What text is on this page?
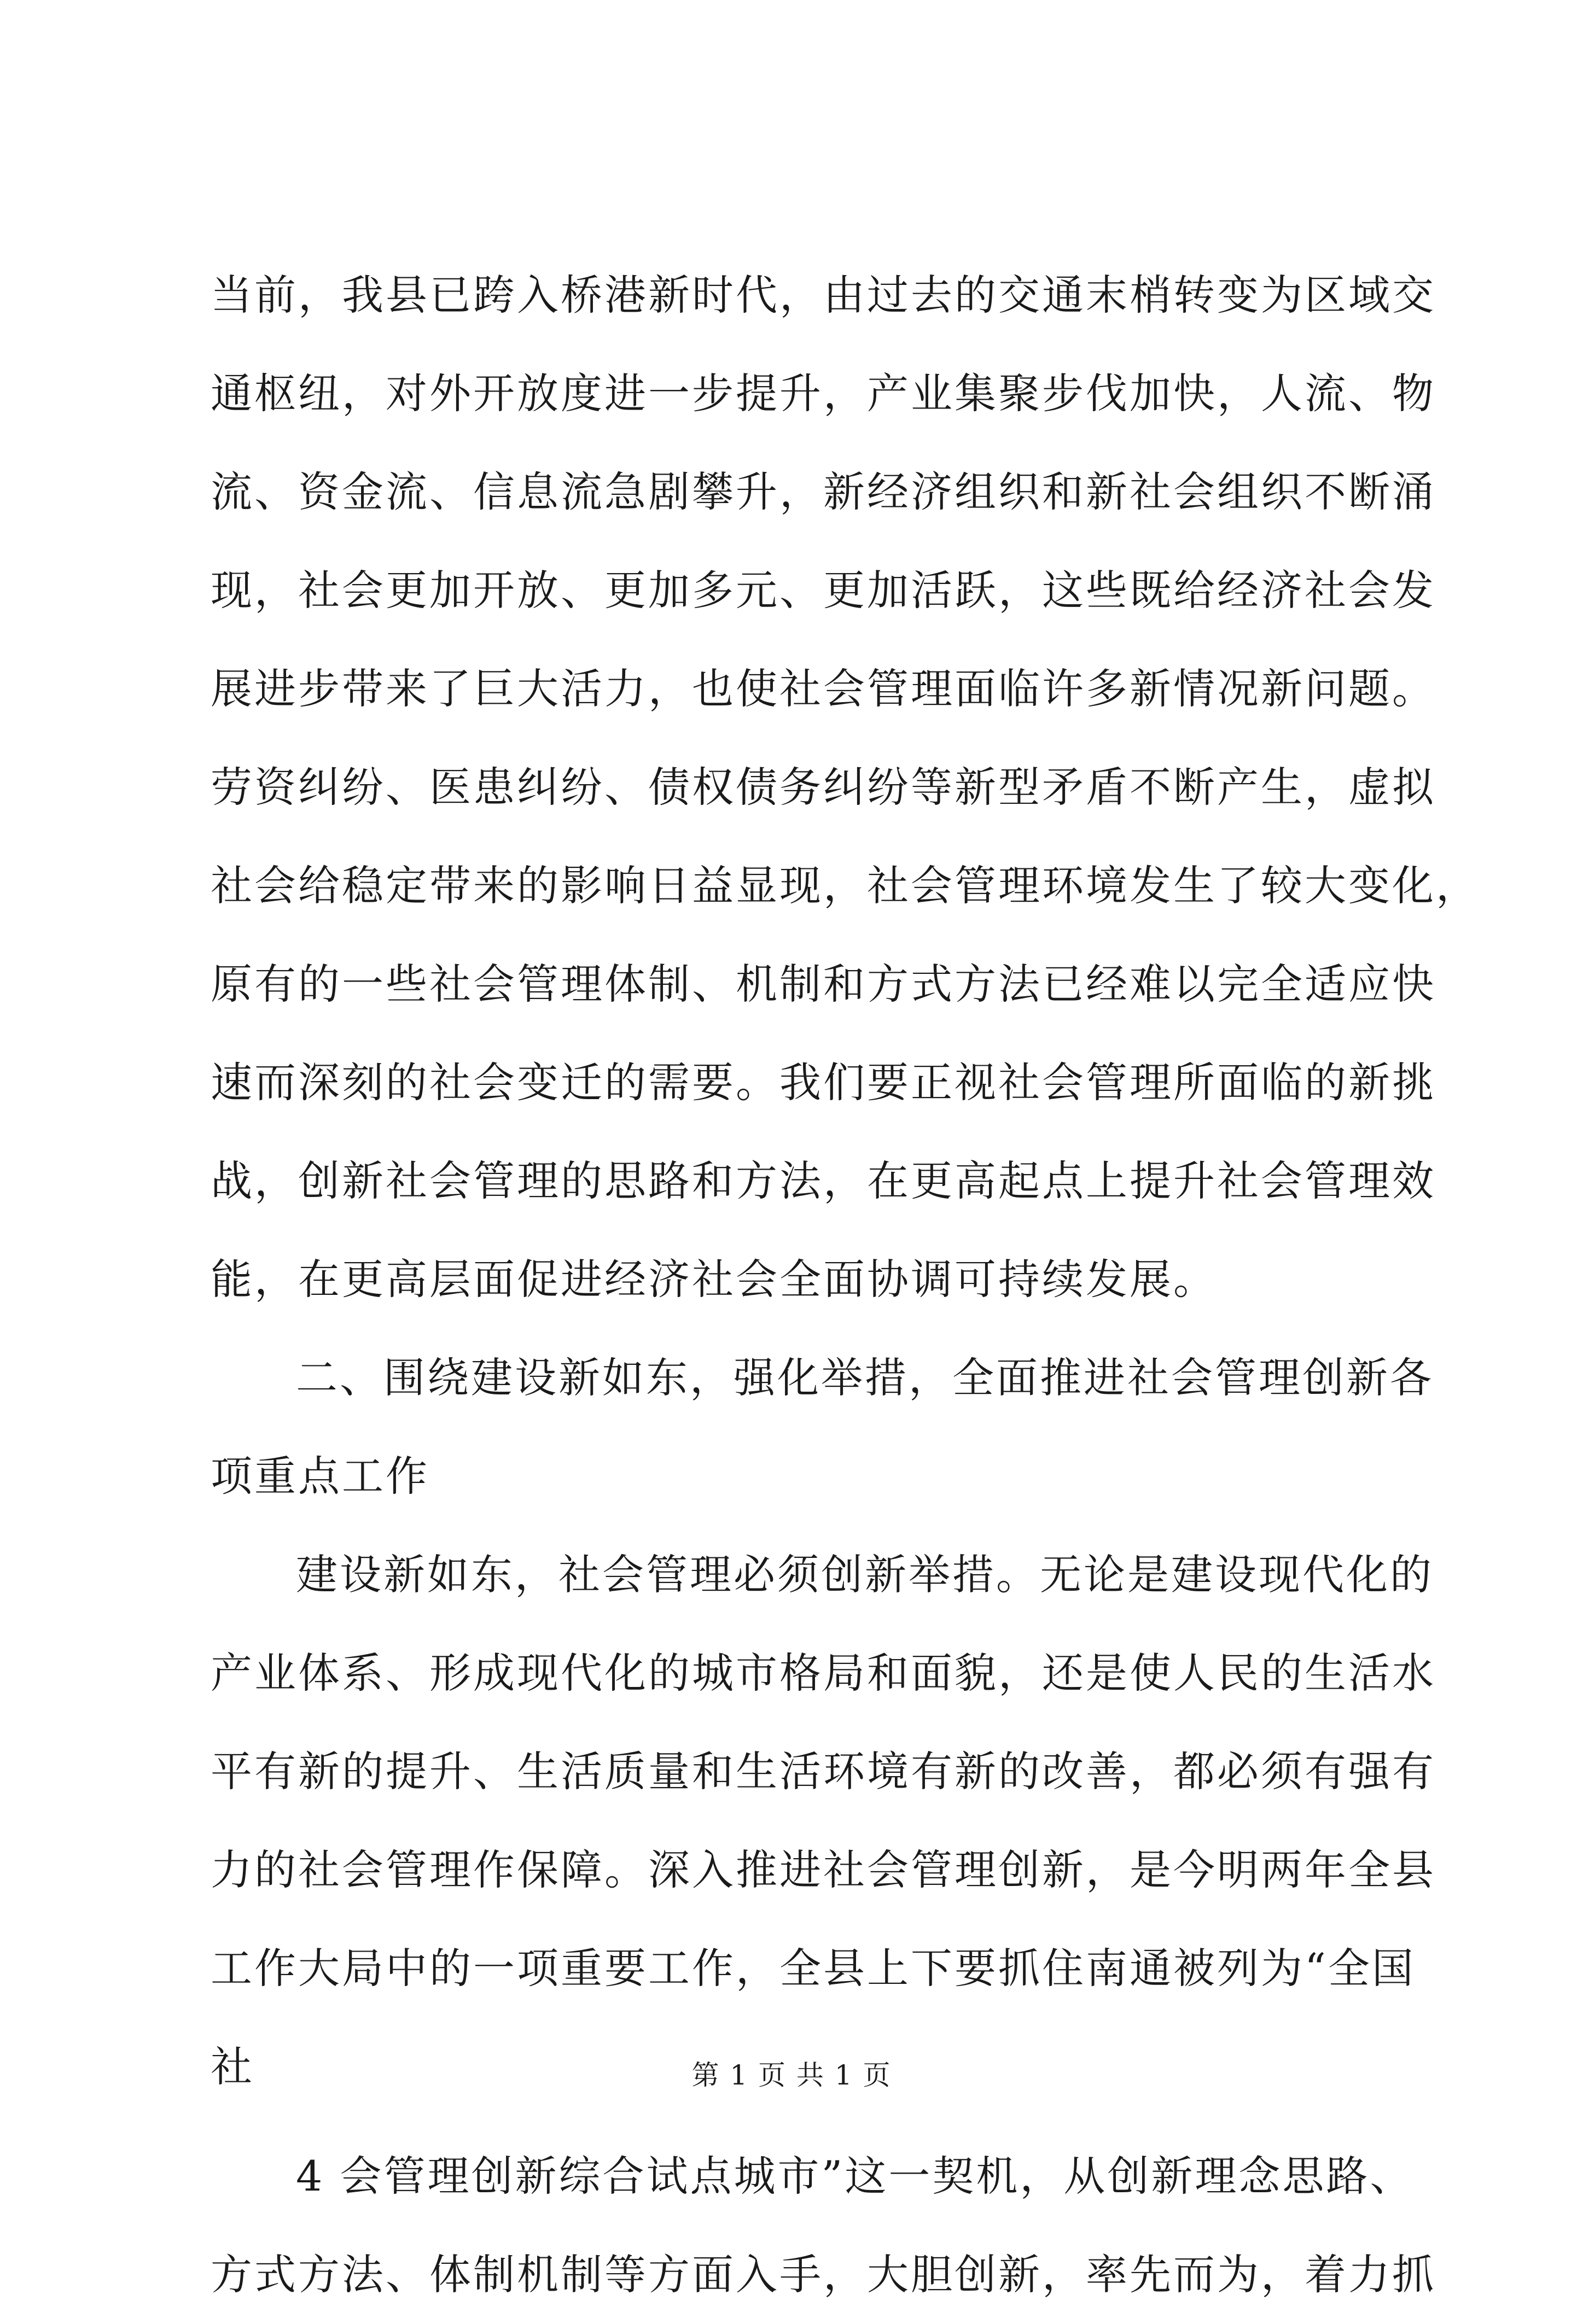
当前，我县已跨入桥港新时代，由过去的交通末梢转变为区域交
通枢纽，对外开放度进一步提升，产业集聚步伐加快，人流、物
流、资金流、信息流急剧攀升，新经济组织和新社会组织不断涌
现，社会更加开放、更加多元、更加活跃，这些既给经济社会发
展进步带来了巨大活力，也使社会管理面临许多新情况新问题。
劳资纠纷、医患纠纷、债权债务纠纷等新型矛盾不断产生，虚拟
社会给稳定带来的影响日益显现，社会管理环境发生了较大变化，
原有的一些社会管理体制、机制和方式方法已经难以完全适应快
速而深刻的社会变迁的需要。我们要正视社会管理所面临的新挑
战，创新社会管理的思路和方法，在更高起点上提升社会管理效
能，在更高层面促进经济社会全面协调可持续发展。
二、围绕建设新如东，强化举措，全面推进社会管理创新各
项重点工作
建设新如东，社会管理必须创新举措。无论是建设现代化的
产业体系、形成现代化的城市格局和面貌，还是使人民的生活水
平有新的提升、生活质量和生活环境有新的改善，都必须有强有
力的社会管理作保障。深入推进社会管理创新，是今明两年全县
工作大局中的一项重要工作，全县上下要抓住南通被列为“全国
社
4 会管理创新综合试点城市”这一契机，从创新理念思路、
方式方法、体制机制等方面入手，大胆创新，率先而为，着力抓
第 1 页 共 1 页
